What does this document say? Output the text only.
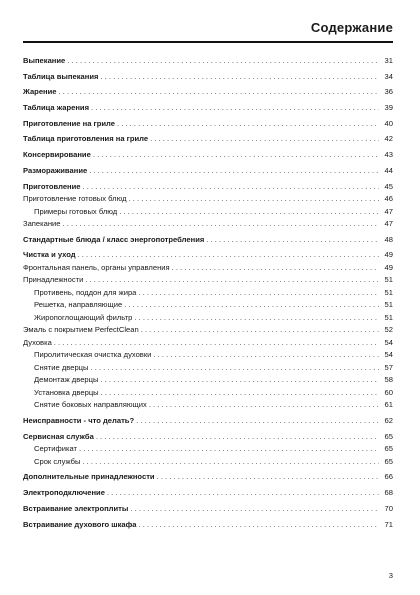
Содержание
Выпекание . . .	31
Таблица выпекания . . .	34
Жарение . . .	36
Таблица жарения . . .	39
Приготовление на гриле . . .	40
Таблица приготовления на гриле . . .	42
Консервирование . . .	43
Размораживание . . .	44
Приготовление . . .	45
Приготовление готовых блюд . . .	46
Примеры готовых блюд . . .	47
Запекание . . .	47
Стандартные блюда / класс энергопотребления . . .	48
Чистка и уход . . .	49
Фронтальная панель, органы управления . . .	49
Принадлежности . . .	51
Противень, поддон для жира . . .	51
Решетка, направляющие . . .	51
Жиропоглощающий фильтр . . .	51
Эмаль с покрытием PerfectClean . . .	52
Духовка . . .	54
Пиролитическая очистка духовки . . .	54
Снятие дверцы . . .	57
Демонтаж дверцы . . .	58
Установка дверцы . . .	60
Снятие боковых направляющих . . .	61
Неисправности - что делать? . . .	62
Сервисная служба . . .	65
Сертификат . . .	65
Срок службы . . .	65
Дополнительные принадлежности . . .	66
Электроподключение . . .	68
Встраивание электроплиты . . .	70
Встраивание духового шкафа . . .	71
3
